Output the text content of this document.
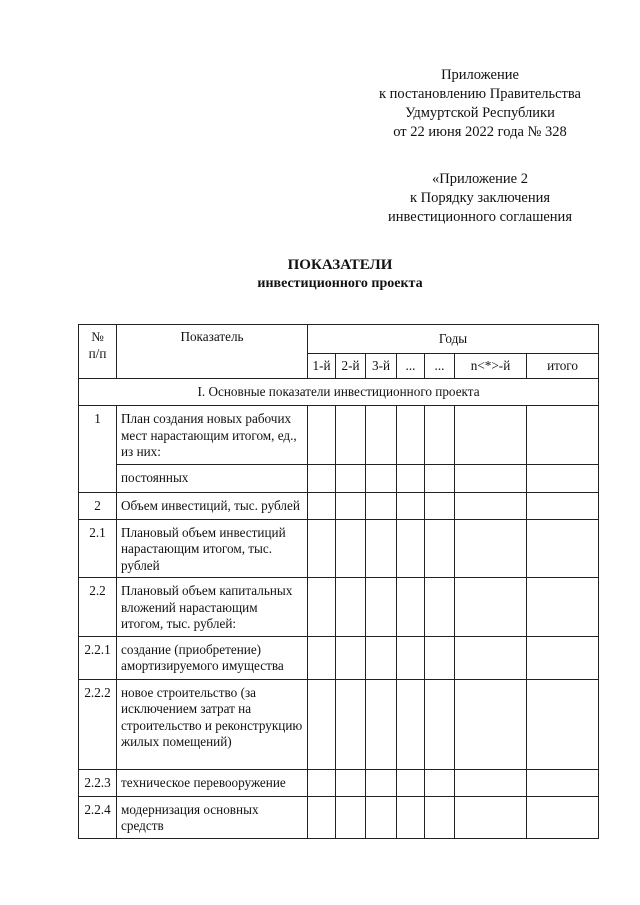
Приложение
к постановлению Правительства
Удмуртской Республики
от 22 июня 2022 года № 328
«Приложение 2
к Порядку заключения
инвестиционного соглашения
ПОКАЗАТЕЛИ
инвестиционного проекта
№
п/п	Показатель	Годы						
		1-й	2-й	3-й	...	...	n<*>-й	итого
I. Основные показатели инвестиционного проекта								
1	План создания новых рабочих мест нарастающим итогом, ед., из них:							
	постоянных							
2	Объем инвестиций, тыс. рублей							
2.1	Плановый объем инвестиций нарастающим итогом, тыс. рублей							
2.2	Плановый объем капитальных вложений нарастающим итогом, тыс. рублей:							
2.2.1	создание (приобретение) амортизируемого имущества							
2.2.2	новое строительство (за исключением затрат на строительство и реконструкцию жилых помещений)							
2.2.3	техническое перевооружение							
2.2.4	модернизация основных средств							
